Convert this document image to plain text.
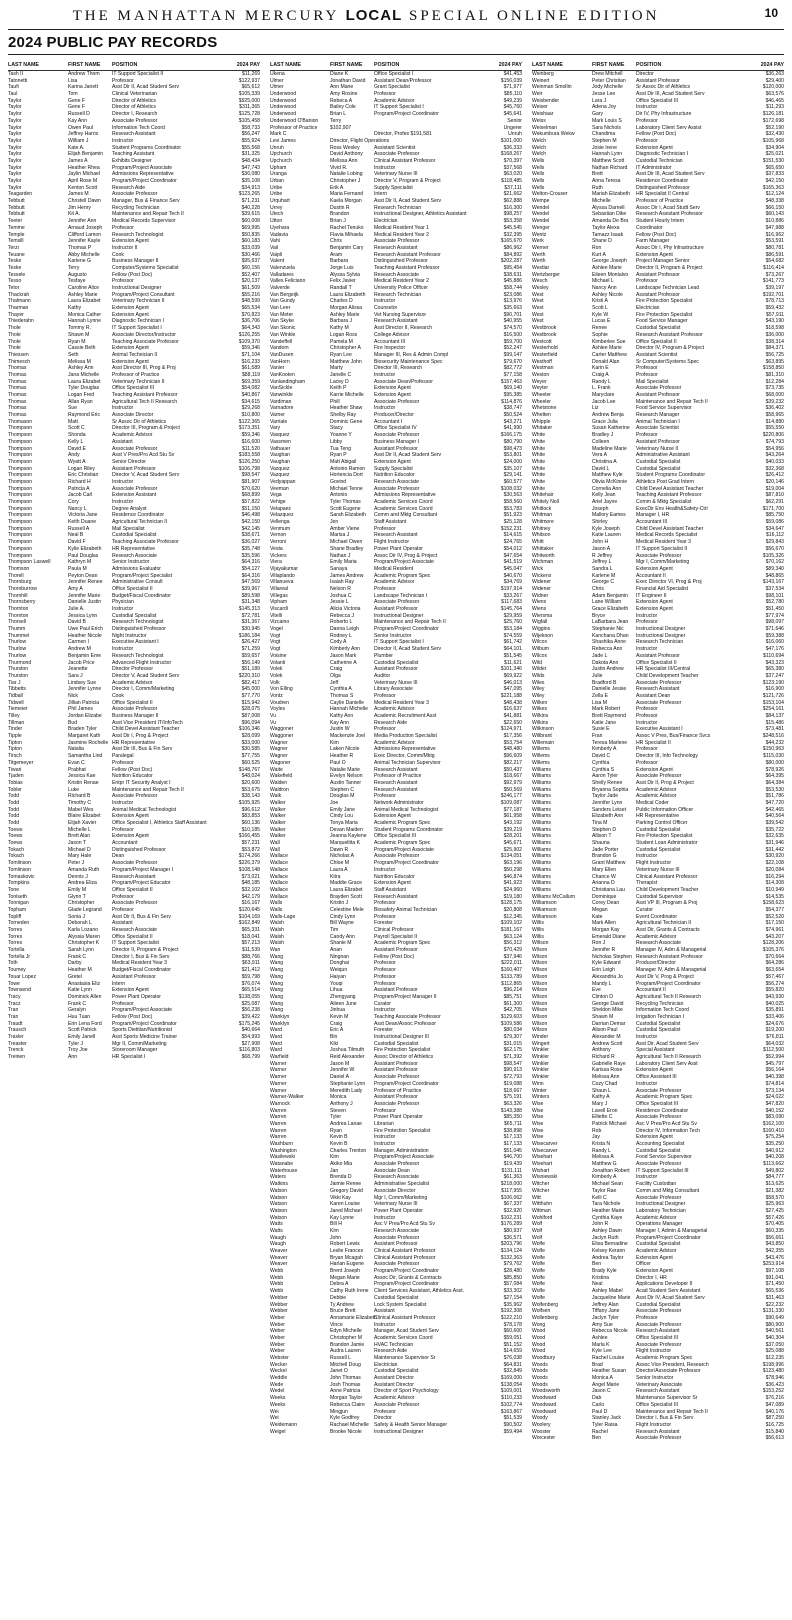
THE MANHATTAN MERCURY LOCAL SPECIAL ONLINE EDITION	10
2024 PUBLIC PAY RECORDS
LAST NAME	FIRST NAME	POSITION	2024 PAY
Tash II	Andrew Thom	IT Support Specialist II	$11,269
Tatonetti	Lisa	Professor	$122,937
Taufi	Karina Janett	Asst Dir II, Acad Student Serv	$65,612
Taul	Tom	Clinical Veterinarian	$105,339
Taylor	Gene F	Director of Athletics	$925,000
Taylor	Gene F	Director of Athletics	$311,365
Taylor	Russell D	Director I, Research	$125,728
Taylor	Kay Ann	Associate Professor	$105,458
Taylor	Owen Paul	Information Tech Coord	$58,733
Taylor	Jeffrey Harris	Research Assistant	$56,247
Taylor	William J	Instructor	$55,924
Taylor	Kate A.	Student Programs Coordinator	$55,568
Taylor	Elijah Benjamin	Teaching Assistant	$31,325
Taylor	James A	Exhibits Designer	$48,434
Taylor	Heather Rhea	Program/Project Associate	$47,743
Taylor	Jaylin Michael	Admissions Representative	$36,080
Taylor	April Rose M	Program/Project Coordinator	$35,108
Taylor	Kenton Scott	Research Aide	$34,913
Teagarden	James M	Associate Professor	$123,265
Tebbutt	Christell Dawn	Manager, Bus & Finance Serv	$71,231
Tebbutt	Jim Henry	Recycling Technician	$40,228
Tebbutt	Kit A.	Maintenance and Repair Tech II	$39,615
Teeter	Jennifer Ann	Medical Records Supervisor	$60,008
Temme	Arnaud Joseph	Professor	$69,995
Temple	Clifford Lamon	Research Technologist	$50,835
Temsill	Jennifer Kayle	Extension Agent	$60,183
Terzi	Thomas P	Instructor II	$33,039
Teuane	Abby Michelle	Cook	$30,466
Teske	Karlene G	Business Manager II	$95,637
Teske	Terry	Computer/Systems Specialist	$60,156
Tessele	Augusto	Fellow (Post Doc)	$52,407
Tesso	Tesfaye	Professor	$20,137
Tetor	Caroline Alice	Instructional Designer	$61,509
Thackrah	Ashley Marie	Program/Project Consultant	$55,216
Thalmann	Laura Elizabet	Veterinary Technician II	$48,599
Tharman	Kathy	Extension Agent	$65,534
Thayer	Monica Cather	Extension Agent	$70,823
Thiederahn	Hannah Lynne	Diagnostic Technician I	$36,706
Thole	Tommy R.	IT Support Specialist I	$64,343
Thole	Shawn M	Associate Director/Instructor	$126,255
Thole	Ryan M	Teaching Associate Professor	$109,370
Thole	Cassie Beth	Extension Agent	$59,346
Thiessen	Seth	Animal Technician II	$71,104
Thimesch	Melissa M	Extension Agent	$16,233
Thomas	Ashley Ann	Asst Director III, Prog & Proj	$61,589
Thomas	Jana Michelle	Professor of Practice	$88,119
Thomas	Laura Elizabet	Veterinary Technician II	$69,359
Thomas	Tyler Douglas	Office Specialist III	$54,082
Thomas	Logan Fred	Teaching Assistant Professor	$40,867
Thomas	Allan Ryan	Agricultural Tech II Research	$34,615
Thomas	Sue	Instructor	$29,268
Thomas	Raymond Eric	Associate Director	$10,800
Thomason	Matt	Sr Assoc Dir of Athletics	$122,365
Thompson	Scott C	Director III, Program & Project	$173,351
Thompson	Shonda	Academic Advisor	$59,346
Thompson	Kelly L	Assistant	$16,600
Thompson	David E	Associate Professor	$11,520
Thompson	Andy	Asst V Pres/Pro Acd Stu Sv	$183,558
Thompson	Wyatt A	Senior Director	$126,250
Thompson	Logan Riley	Assistant Professor	$106,798
Thompson	Eric Christian	Director V, Acad Student Serv	$98,547
Thompson	Richard H	Instructor	$81,907
Thompson	Patricia A	Associate Professor	$70,620
Thompson	Jacob Carl	Extension Assistant	$68,899
Thompson	Cory	Instructor	$57,822
Thompson	Nancy L	Degree Analyst	$51,150
Thompson	Victoria Jane	Residence Coordinator	$46,498
Thompson	Keith Duane	Agricultural Technician II	$42,150
Thompson	Russell A	Mail Specialist	$42,145
Thompson	Neal B	Custodial Specialist	$38,671
Thompson	David F	Teaching Associate Professor	$36,027
Thompson	Kylie Elizabeth	HR Representative	$35,748
Thompson	Paul Douglas	Research Associate	$35,596
Thompson Laswell	Kathryn M	Senior Instructor	$64,316
Thomson	Paula M	Admissions Evaluator	$54,127
Thorell	Peyton Dean	Program/Project Specialist	$64,316
Thornburg	Jennifer Renee	Administrative Consult	$47,569
Thornburrow	Amy A	Office Specialist II	$39,967
Thornhill	Jennifer Marie	Budget/Fiscal Coordinator	$89,598
Thornsberry	Danielle Justin	Physician	$31,348
Thornton	Julie A.	Instructor	$145,313
Thornton	Jessica Lynn	Custodial Specialist	$72,781
Thorsell	David B	Research Technologist	$31,367
Thumm	Uwe Paul Erich	Distinguished Professor	$30,945
Thummel	Heather Nicole	Night Instructor	$186,184
Thurlow	Carmen I	Executive Assistant I	$26,427
Thurlow	Andrew M	Instructor	$71,259
Thurlow	Benjamin Eme	Research Technologist	$59,657
Thurmond	Jacob Price	Advanced Flight Instructor	$56,149
Thurston	Jeanette	Director Professor	$51,189
Thurston	Sara J	Director V, Acad Student Serv	$220,310
Tiar J	Lindsey Sue	Academic Advisor	$82,417
Tibbetts	Jennifer Lynne	Director I, Comm/Marketing	$45,000
Tidball	Nick	Cook	$77,770
Tidwell	Jillian Patricia	Office Specialist II	$15,942
Tiemeier	Phil James	Associate Professor	$28,075
Tilley	Jordan Elizabe	Business Manager II	$87,008
Tillman	Bud	Asst Vice President IT/InfoTech	$96,094
Tinder	Braden Tyler	Child Devel Assistant Teacher	$106,346
Tipple	Margaret Kath	Asst Dir I, Prog & Project	$28,099
Tipton	Jasmine Rochelle HR Representative	$33,000
Tipton	Natalia	Asst Dir III, Bus & Fin Serv	$30,585
Tirsch	Samantha Lind	Paralegal	$77,755
Titgemeyer	Evan C	Professor	$60,525
Tiwari	Prabhat	Fellow (Post Doc)	$148,767
Tjaden	Jessica Kae	Nutrition Educator	$48,024
Tobias	Kristin Renae	Entpr IT Security Analyst I	$20,600
Tobler	Luke	Maintenance and Repair Tech II	$53,675
Todd	Richard B	Associate Professor	$38,143
Todd	Timothy C	Instructor	$105,925
Todd	Mabel Wes	Animal Medical Technologist	$96,612
Todd	Blaire Elizabet	Extension Agent	$83,853
Todd	Elijah Xavier	Office Specialist I, Athletics Staff Assistant	$60,136
Toews	Michelle L	Professor	$10,185
Toews	Brett Alan	Extension Agent	$166,455
Toews	Jason T	Accountant	$57,231
Tokach	Michael D	Distinguished Professor	$53,872
Tokach	Mary Hale	Dean	$174,266
Tomlinson	Peter J	Associate Professor	$226,379
Tomlinson	Amanda Ruth	Program/Project Manager I	$108,148
Tomaskovic	Dennis J	Research Assistant	$73,021
Tompkins	Andrea Eliza	Program/Project Educator	$48,185
Tone	Emily M	Office Specialist II	$32,102
Tonlseth	Glynn T	Professor	$42,179
Tonnigan	Christopher	Associate Professor	$16,167
Topham	Glade Legrand	Professor	$120,645
Topliff	Sonia J	Asst Dir II, Bus & Fin Serv	$104,169
Torneden	Deborah L	Assistant	$162,849
Torres	Karla Lozano	Research Associate	$65,331
Torres	Alyssia Maren	Office Specialist II	$18,041
Torres	Christopher K	IT Support Specialist	$57,213
Tortella	Sarah Lynn	Director II, Program & Project	$11,539
Tortella Jr	Frank C	Director I, Bus & Fin Serv	$88,766
Toth	Darby	Medical Resident Year 3	$63,911
Toumey	Heather M	Budget/Fiscal Coordinator	$21,412
Touar Lopez	Gretel	Assistant Professor	$59,798
Towe	Anastasia Eliz	Intern	$76,074
Townsend	Katie Lynn	Extension Agent	$65,514
Tracy	Dominick Allen	Power Plant Operator	$138,055
Tracz	Frank C	Professor	$25,087
Tran	Geralyn	Program/Project Associate	$56,238
Tran	Huu Tuan	Fellow (Post Doc)	$39,422
Traudt	Erin Lena Ford	Program/Project Coordinator	$175,245
Trausch	Scott Patrick	Sports Dietitian/Nutritionist	$40,664
Traxler	Emily Janell	Asst Sports Medicine Trainer	$54,993
Treaster	Tyler J	Mgr II, Comm/Marketing	$27,908
Trenck	Troy Joe	Storeroom Manager	$116,803
Treinen	Ann	HR Specialist I	$68,799
LAST NAME	FIRST NAME	POSITION	2024 PAY
Ukena	Diane K	Office Specialist I	$41,453
Ulmer	Jonathan David	Assistant Dean/Professor	$156,039
Ulmer	Ann Marie	Grant Specialist	$71,977
Underwood	Amy Rosine	Professor	$85,110
Underwood	Rebeca A	Academic Advisor	$49,239
Underwood	Bailey Cole	IT Support Specialist I	$45,760
Underwood	Brian L	Program/Project Coordinator	$45,641
Underwood O'Banion	Terry	Senior
Professor of Practice	$102,907	Ungerer
Mark C	Director, Profes $191,581	Unruh
Levi James	Director, Flight Operations	$101,000
Unruh	Ross Wesley	Assistant Scientist	$36,333
Upchurch	David Anthony	Associate Professor	$168,267
Upchurch	Melissa Ann	Clinical Assistant Professor	$70,397
Upham	Vivid R.	Instructor	$37,568
Uranga	Natalie Lobing	Veterinary Nurse III	$63,020
Urban	Christopher J	Director V, Program & Project	$118,485
Uribe	Erik A	Supply Specialist	$37,111
Uribe	Maria Fernand	Intern	$21,662
Urquhart	Kaela Morgan	Asst Dir II, Acad Student Serv	$62,888
Urrey	Dustin R	Research Technician	$16,300
Utech	Brandon	Instructional Designer, Athletics Assistant	$98,257
Utton	Brian J	Electrician	$53,358
Uyehara	Rachel Tenuko	Medical Resident Year 1	$45,545
Vadavia	Flavia Mihaela	Medical Resident Year 2	$32,395
Vahl	Chris	Associate Professor	$165,670
Vail	Benjamin Cary	Research Assistant	$86,962
Vaipli	Aram	Research Assistant Professor	$84,892
Valent	Barbara	Distinguished Professor	$202,287
Valenzuela	Jorge Luis	Teaching Assistant Professor	$95,454
Valladares	Alyssa Sylvia	Research Associate	$38,631
Valles Feliciano	Felix Javier	Medical Resident Year 2	$45,886
Valverde	Randall T	University Police Officer	$58,744
Van Bergeijk	Laura Elizabeth	Research Technician	$23,086
Van Gundy	Charles D	Instructor	$13,976
Van Leer	Morgan Alissa	Counselor	$35,663
Van Meter	Ashley Marie	Vet Nursing Supervisor	$90,701
Van Skyke	Barbara J	Research Assistant	$40,955
Van Skonic	Kathy M	Asst Director II, Research	$74,570
Van Winkle	Logan Ross	College Advisor	$16,500
Vandeffell	Pamela M	Accountant III	$59,700
Vandom	Christopher A	Fire Inspector	$52,247
VanDusen	Ryan Lee	Manager III, Res & Admin Compl	$99,147
VanHorn	Matthew John	Biosecurity Maintenance Spec	$79,670
Vanier	Marty	Director III, Research	$82,772
VanKooten	Janelle C	Instructor	$77,158
Vanlandingham	Lacey D	Associate Dean/Professor	$157,463
VanSickle	Keith P	Extension Agent	$69,140
Vanwinkle	Karrie Michelle	Extension Agent	$95,385
Vardiman	Phill	Associate Professor	$114,876
Varnadore	Heather Shaw	Instructor	$38,747
Varner	Shelby Ray	Producer/Director	$50,524
Varriale	Dominic Gene	Accountant I	$43,271
Vary	Stacy	Office Specialist IV	$41,990
Vasquez	Yoanne Y	Associate Professor	$166,175
Vassmen	Libby	Business Manager I	$80,790
Vathauer	Tua Teng	Assistant Professor	$98,473
Vaughan	Ryan P	Asst Dir II, Acad Student Serv	$53,801
Vaughan	Matt Abigail	Extension Agent	$24,000
Vazquez	Antonio Ramon	Supply Specialist	$35,107
Vazquez	Hortencia Dort	Nutrition Educator	$29,141
Vedyappan	Govind	Research Associate	$60,577
Veeman	Michael Tenne	Associate Professor	$108,032
Vega	Antonio	Admissions Representative	$30,563
Vehige	Tyler Thomas	Academic Services Coord	$58,560
Velapaez	Scott Eugene	Academic Services Coord	$53,783
Velazquez	Sarah Elizabeth	Comm and Mktg Consultant	$51,923
Vellenga	Jen	Staff Assistant	$25,128
Venmum	Amber Viene	Professor	$152,231
Vernon	Marisa J	Research Assistant	$14,615
Verroni	Michael Owen	Flight Instructor	$24,765
Vesta	Shane Bradley	Power Plant Operator	$54,012
Vickers	Nathan J	Assoc Dir IV, Prog & Project	$47,654
Viera	Emily Maria	Program/Project Associate	$41,519
Vijayakumar	Sanaya	Medical Resident	$45,047
Villaplando	James Andrew	Academic Program Spec	$40,670
Villanueva	Isaiah Ray	Academic Advisor	$34,769
Villareal	Nelson R	Professor	$197,914
Villegas	Joshua C	Landscape Technician I	$33,267
Vipham	Jessie L	Associate Professor	$117,683
Viscardi	Alicia Victoria	Assistant Professor	$145,764
Vitelli	Rebecca J	Instructional Designer	$29,959
Vizcaino	Roberto L	Maintenance and Repair Tech II	$25,760
Vogel	Danna Leigh	Program/Project Coordinator	$53,184
Vogt	Rodney L	Senior Instructor	$74,559
Vogt	Cody A	IT Support Specialist I	$61,742
Vogt	Kimberly Ann	Director II, Acad Student Serv	$64,101
Voisine	Jason Mark	Plumber	$51,545
Volanti	Catherine A	Custodial Specialist	$11,621
Volek	Craig	Assistant Professor	$101,346
Volek	Olga	Auditor	$69,922
Volk	Jeff	Veterinary Nurse III	$46,013
Von Elling	Cynthia A	Library Associate	$47,095
Vontz	Thomas S	Professor	$221,188
Voudren	Caylie Danielle	Medical Resident Year 3	$48,438
Voyles	Hannah Michelle	Academic Advisor	$16,637
Vu	Kathy Ann	Academic Recruitment Asst	$41,881
Vu	Kay Ann	Research Aide	$22,650
Waggoner	Justin W	Professor	$124,971
Waggoner	Mackenzie Joel	Media Production Specialist	$17,356
Wagner	Kim	Academic Advisor	$53,754
Wagner	Laken Nicole	Admissions Representative	$48,480
Wagner	Heather R	Exec Director, Comm/Mktg	$96,609
Wagoner	Paul O	Animal Technician Supervisor	$82,217
Waite	Natalie Marie	Research Assistant	$50,437
Wakefield	Evelyn Nelson	Professor of Practice	$18,667
Walden	Austin Tanner	Research Assistant	$92,979
Waldron	Stephen C	Research Assistant	$50,569
Walk	Douglas M	Professor	$246,177
Walker	Joe	Network Administrator	$109,087
Walker	Emily Jane	Animal Medical Technologist	$77,187
Walker	Cindy Lou	Extension Agent	$61,958
Walker	Tonya Maria	Academic Program Spec	$43,192
Walker	Devan Maiden	Student Programs Coordinator	$39,219
Walker	Jeanna Kaylene	Office Specialist III	$28,201
Wall	Marquelitta K	Academic Program Spec	$45,671
Wall	Dawn R	Program/Project Associate	$25,902
Wallace	Nicholas A	Associate Professor	$134,051
Wallace	Chloe M	Program/Project Coordinator	$63,196
Wallace	Laura A	Instructor	$50,298
Wallace	Kitra	Nutrition Educator	$46,874
Wallace	Maddie Grace	Extension Agent	$41,923
Wallace	Laura Elizabet	Staff Assistant	$24,960
Wallace	Brayden Scott	Research Assistant	$19,180
Walls	Kristin J	Professor	$128,175
Walls	Celestine Mele	Biosafety Animal Technician	$20,808
Walls-Lage	Cindy Lynn	Professor	$12,345
Walsh	Bill Wayne	Forester	$109,102
Walsh	Tim	Clinical Professor	$181,167
Walsh	Candy Ann	Payroll Specialist II	$63,124
Walsh	Shanie M	Academic Program Spec	$56,312
Wan	Anan	Assistant Professor	$70,429
Wang	Ningnan	Fellow (Post Doc)	$37,946
Wang	Donghai	Professor	$222,011
Wang	Weiqun	Professor	$160,407
Wang	Haiyan	Professor	$133,789
Wang	Youqi	Professor	$112,865
Wang	Lihua	Assistant Professor	$96,214
Wang	Zhengyang	Program/Project Manager II	$85,751
Wang	Aileen June	Curator	$61,300
Wang	Jinhua	Instructor	$42,705
Wankiyn	Kevin M	Teaching Associate Professor	$129,603
Wanklyn	Craig	Asst Dean/Assoc Professor	$109,586
Ward	Eric A	Forester	$80,034
Ward	Bin	Instructional Designer III	$79,307
Ward	Kiki	Custodial Specialist	$31,015
Ward	Joshua Tilmuth	Fire Protection Specialist	$62,175
Warfield	Reid Alexander	Assoc Director of Athletics	$71,392
Warner	Jason M	Assistant Professor	$98,547
Warner	Jennifer W	Assistant Professor	$90,913
Warner	Daniel A	Associate Professor	$72,793
Warner	Stephanie Lynn	Program/Project Coordinator	$19,088
Warner	Meredith Lady	Professor of Practice	$18,667
Warner-Walker	Monica	Assistant Professor	$75,191
Warnock	Anthony J	Associate Professor	$63,326
Warren	Steven	Professor	$143,388
Warren	Tyler	Power Plant Operator	$85,350
Warren	Andrea Lanae	Librarian	$65,711
Warren	Ryan	Fire Protection Specialist	$38,898
Warren	Kevin B	Instructor	$17,133
Washburn	Kevin B	Instructor	$17,133
Washington	Charles Trenton	Manager, Administration	$51,045
Wasilewski	Kim	Program/Project Associate	$46,700
Watanabe	Akiko Mia	Associate Professor	$19,439
Waterhouse	Jan	Associate Dean	$131,111
Waters	Brenda D	Research Associate	$61,363
Watkins	Jaimie Renee	Administrative Specialist	$218,000
Watson	Gregory David	Associate Director	$117,955
Watson	Vikki Kay	Mgr I, Comm/Marketing	$106,062
Watson	Karen Louise	Veterinary Nurse III	$67,337
Watson	Jared Michael	Power Plant Operator	$32,920
Watson	Kay Lynne	Instructor	$102,231
Watts	Bill H	Asc V Pres/Pro Acd Stu Sv	$176,289
Watts	Kim	Research Associate	$80,937
Waugh	John	Associate Professor	$36,571
Waugh	Robert Lewis	Assistant Professor	$203,796
Weaver	Leslie Frances	Clinical Assistant Professor	$134,124
Weaver	Bryan Mcagah	Clinical Assistant Professor	$132,363
Weaver	Harlan Eugene	Associate Professor	$79,762
Webb	Brent Joseph	Program/Project Coordinator	$28,480
Webb	Megan Marie	Assoc Dir, Grants & Contracts	$85,850
Webb	Debra A	Program/Project Coordinator	$57,084
Webb	Cathy Ruth Irene	Client Services Assistant, Athletics Asst.	$33,302
Webber	Debbie	Custodial Specialist	$27,154
Webber	Ty Andrew	Lock System Specialist	$35,962
Webber	Bruce Brett	Assistant	$192,308
Weber	Annamarie Elizabeth
Clinical Assistant Professor	$122,210
Weber	Vince	Instructor	$78,178
Weber	Edyn Michelle	Manager, Acad Student Serv	$60,600
Weber	Christopher M	Academic Services Coord	$59,051
Weber	Brandon Jamie	HVAC Technician	$51,152
Weber	Audra Lauren	Research Aide	$14,659
Webster	Russell L	Maintenance Supervisor Sr	$76,038
Wecker	Mitchell Doug	Electrician	$64,831
Weckel	Janet O	Custodial Specialist	$32,849
Weddle	John Thomas	Assistant Director	$169,000
Wede	Josh Thomas	Assistant Director	$138,054
Wedel	Anne Patricia	Director of Sport Psychology	$109,001
Weeks	Morgan Taylor	Academic Advisor	$110,233
Weeks	Rebecca Claire	Associate Professor	$102,774
Wei	Mingjun	Professor	$163,867
Wei	Kyle Godfrey	Director	$51,539
Weidemann	Rachael Michelle	Safety & Health Senior Manager	$90,502
Weigel	Brooke Nicole	Instructional Designer	$59,494
LAST NAME	FIRST NAME	POSITION	2024 PAY
Weinberg	Drew Mitchell	Director	$36,263
Weinert	Peter Christian	Assistant Professor	$29,400
Weinman Smollin	Jody Michelle	Sr Assoc Dir of Athletics	$120,000
Weir	Jesse Lee	Asst Dir III, Acad Student Serv	$63,576
Weisbender	Lara J	Office Specialist III	$46,465
Weiser	Adena Joy	Instructor	$11,293
Weishaar	Gary	Dir IV, Phy Infrastructure	$126,181
Weiss	Mark Louis S	Professor	$172,698
Weixelman	Sara Nichols	Laboratory Client Serv Assist	$52,190
Wekumbura Wekw	Chandima	Fellow (Post Doc)	$32,430
Welch	Stephen M	Professor	$105,968
Welch	Josie Irene	Extension Agent	$34,904
Welch	Hannah Lynn	Diagnostic Technician I	$25,021
Wells	Matthew Scott	Custodial Technician	$151,530
Wells	Nathan Richard	IT Administrator	$65,650
Wells	Brett	Asst Dir III, Acad Student Serv	$37,833
Wells	Anna Teresa	Residence Coordinator	$42,150
Wells	Ruth	Distinguished Professor	$165,363
Welton-Crouser	Mariah Elizabeth	HR Specialist II Central	$12,124
Wempe	Michelle	Professor of Practice	$48,338
Wendel	Alyssa Darnell	Assoc Dir I, Acad Studt Serv	$66,150
Wendel	Sebastian Dike	Research Assistant Professor	$60,143
Wendel	Amanda De Bra	Student Hourly Intern	$10,886
Wenger	Taylor Alexa	Coordinator	$47,988
Wentz	Tamazz Isaak	Fellow (Post Doc)	$16,962
Werk	Shane D	Farm Manager	$53,591
Werner	Ron	Assoc Dir I, Phy Infrastructure	$80,781
Werth	Kurt A	Extension Agent	$86,591
Werth	George Joseph	Project Manager Senior	$54,682
Westlar	Ashlee Marie	Director II, Program & Project	$116,414
Wertzberger	Eileen Montalvo	Assistant Professor	$73,267
Wesch	Michael L	Professor	$141,773
Wesley	Nancy Ann	Landscape Technician Lead	$39,197
West	Ashley Nicole	Assistant Professor	$192,701
West	Kristi A	Fire Protection Specialist	$78,713
West	Scott L	Electrician	$59,432
West	Kyle W	Fire Protection Specialist	$57,911
West	Lucas E	Food Service Manager	$43,190
Westbrook	Renee	Custodial Specialist	$18,598
Westbrook	Sophie	Research Assistant Professor	$36,000
Westcott	Kimberlee Sue	Office Specialist II	$38,314
Westerhold	Ashlee Marie	Director IV, Program & Project	$84,371
Westerfield	Carter Matthew	Assistant Scientist	$56,725
Westhoff	Donald Alan	Sr Computer/Systems Spec	$63,895
Westman	Karin E	Professor	$158,850
Weston	Craig A	Professor	$81,310
Weyer	Randy L	Mail Specialist	$12,284
Weyter	L. Frank	Associate Professor	$73,735
Wheeler	Maryclare	Assistant Professor	$68,000
Wheeler	Jacob Lee	Maintenance and Repair Tech II	$39,232
Whetstone	Liz	Food Service Supervisor	$36,402
Whetten	Andrew Benja	Research Manager	$58,965
Whipple	Grace Julia	Animal Technician I	$14,880
Whitaker	Susan Katherine	Associate Scientist	$55,550
White	Bradley J	Professor	$220,806
White	Colleen	Assistant Professor	$74,793
White	Madeline Marie	Veterinary Nurse II	$54,956
White	Vera A	Administrative Assistant	$43,264
White	Christina A	Custodial Specialist	$40,033
White	David L	Custodial Specialist	$32,368
White	Matthew Kyle	Student Programs Coordinator	$26,412
White	Olivia McKinnie	Athletics Post Grad Intern	$20,146
White	Cornelia Ann	Child Devel Assistant Teacher	$19,004
Whitehair	Kelly Jean	Teaching Assistant Professor	$87,810
Whitely Noll	Ariel Jayne	Comm & Mktg Specialist	$62,291
Whitlock	Joseph	ExecDir Env Health&Safety-Ctrl	$171,700
Whitman	Mallory Eames	Manager I, HR	$85,750
Whitmore	Shirley	Accountant III	$59,086
Whitney	Kyle Joseph	Child Devel Assistant Teacher	$34,647
Whitson	Katie Lauren	Medical Records Specialist	$16,112
Whitt	John H	Medical Resident Year 3	$29,843
Whittaker	Jason A	IT Support Specialist II	$56,670
Whitworth	R Jeffrey	Associate Professor	$105,326
Wichman	Jeffrey L	Mgr I, Comm/Marketing	$70,162
Wick	Sandra L	Extension Agent	$89,340
Wickens	Karlene M	Accountant II	$48,865
Widener	George C	Exec Director VI, Prog & Proj	$143,167
Widener	Chris	Financial Aid Specialist	$37,534
Widner	Adam Benjamin	IT Engineer II	$98,101
Wiens	Lane William	Extension Agent	$52,780
Wiens	Grace Elizabeth	Extension Agent	$51,450
Wiersma	Bryce	Instructor	$77,974
Wigfall	LaBarbara Jean	Professor	$98,097
Wiggins	Stephanie Nic	Instructional Designer	$71,646
Wijekoon	Kanchana Dhan	Instructional Designer	$59,388
Wilcox	Shashika Anne	Research Technician	$16,060
Wilbum	Rebecca Ann	Instructor	$47,176
Wilcox	Jade L	Assistant Professor	$110,694
Wild	Dakota Ann	Office Specialist II	$43,323
Wilder	Justin Andrew	HR Specialist III/Central	$65,380
Wilds	Julie	Child Development Teacher	$37,247
Wiles	Bradford B	Associate Professor	$123,190
Wiley	Danielle Jessie	Research Assistant	$16,900
Wiley	Zella E	Assistant Dean	$121,726
Wilken	Lisa M	Associate Professor	$153,104
Wilkes	Mark Robert	Professor	$254,161
Wilkins	Brett Raymond	Professor	$84,137
Wilkins	Katie Jane	Instructor	$15,486
Wilkinson	Susie E	Executive Assistant I	$73,481
Willbrant	Fran	Assoc V Pres, Bus/Finance Svcs	$248,516
Willemain	Teresa Marlene	HR Specialist II	$44,232
Willems	Kimberly A	Professor	$150,963
Willems	David C	Director III, Info Technology	$115,030
Willems	Cynthia	Professor	$80,000
Williams	Cynthia S	Extension Agent	$78,926
Williams	Aaron Tyler	Associate Professor	$64,395
Williams	Shelly Renee	Asst Dir II, Prog & Project	$64,384
Williams	Bryanna Sophia	Academic Advisor	$53,530
Williams	Taylor Jade	Academic Advisor	$51,786
Williams	Jennifer Lynn	Medical Coder	$47,720
Williams	Sanders Leiset	Public Information Officer	$42,465
Williams	Elizabeth Ann	HR Representative	$40,564
Williams	Tina M	Parking Control Officer	$39,542
Williams	Stephen D	Custodial Specialist	$35,722
Williams	Allison T	Fire Protection Specialist	$32,635
Williams	Shauna	Student Loan Administrator	$31,946
Williams	Jade Porter	Custodial Specialist	$31,442
Williams	Brandon G	Instructor	$30,920
Williams	Grant Matthew	Flight Instructor	$22,108
Williams	Mary Ellen	Veterinary Nurse III	$20,084
Williams	Chance W	Clinical Assistant Professor	$16,294
Williams	Arianna D	Therapist	$14,308
Williams	Christiana Lau	Child Development Teacher	$10,949
Williams McCallum	Dominique	Custodial Supervisor	$14,535
Williamson	Corey Dean	Asst VP III, Program & Proj	$158,623
Williamson	Megan	Curator	$54,377
Williamson	Kate	Event Coordinator	$52,520
Willis	Mark Allen	Agricultural Technician II	$17,150
Willis	Morgan Kay	Asst Dir, Grants & Contracts	$74,961
Willis	Emerald Diane	Academic Advisor	$43,207
Willson	Ron J	Research Associate	$128,206
Wilson	Jennifer R	Manager IV, Adm & Managerial	$105,376
Wilson	Nicholas Stephen Research Assistant Professor	$70,664
Wilson	Kyle Edward	Producer/Director	$64,286
Wilson	Erin Leigh	Manager IV, Adm & Managerial	$63,654
Wilson	Alexandria Jo	Asst Dir V, Prog & Project	$57,467
Wilson	Mandy L	Program/Project Coordinator	$56,274
Wilson	Eve	Accountant II	$55,820
Wilson	Clinton D	Agricultural Tech II Research	$43,930
Wilson	George David	Recycling Technician	$40,025
Wilson	Sheldon Mike	Information Tech Coord	$35,891
Wilson	Shawn M	Irrigation Technician I	$33,406
Wilson	Darrian Demar	Custodial Specialist	$24,676
Wilson	Alison Paul	Custodial Specialist	$19,200
Winder	Alexander M	Instructor	$76,811
Wingert	Andrew Scott	Asst Dir, Acad Student Serv	$64,032
Winkler	Anthony	Special Assistant	$112,500
Winkler	Richard R	Agricultural Tech II Research	$52,994
Winkler	Gabrielle Raye	Laboratory Client Serv Asst	$45,797
Winkler	Karissa Rose	Extension Agent	$56,164
Winkler	Melissa Ann	Office Assistant III	$40,398
Winn	Cozy Chad	Instructor	$74,814
Winter	Shaun L	Associate Professor	$73,134
Winters	Kathy A	Academic Program Spec	$24,022
Wise	Mary J	Office Specialist III	$47,820
Wise	Lavell Eron	Residence Coordinator	$40,152
Wise	Elliette C	Associate Professor	$83,090
Wise	Patrick Michael	Asc V Pres/Pro Acd Stu Sv	$162,100
Wise	Rob	Director IV, Information Tech	$160,410
Wise	Jay	Extension Agent	$75,254
Wisecarver	Krista N	Accounting Specialist	$35,250
Wisecarver	Randy L	Custodial Specialist	$40,912
Wisehart	Melissa A	Food Service Supervisor	$40,208
Wisehart	Matthew G	Associate Professor	$113,662
Wishart	Jonathan Robert	IT Support Specialist III	$49,802
Wisniewski	Kimberly A	Instructor	$84,777
Witcher	Michael Sean	Facility Custodian	$13,625
Witcher	Taylor Rae	Comm and Mktg Consultant	$21,382
Witt	Kelli C	Associate Professor	$58,570
Witthuhn	Tara Nichole	Instructional Designer	$25,963
Wittman	Heather Marie	Laboratory Technician	$27,425
Wohlford	Cynthia Kaye	Academic Advisor	$57,426
Wolf	John R	Operations Manager	$70,405
Wolf	Ashley Dawn	Manager I, Admin & Managerial	$60,335
Wolf	Jaclyn Ruth	Program/Project Coordinator	$56,661
Wolfe	Elisa Bernadine	Custodial Specialist	$43,850
Wolfe	Kelsey Kerann	Academic Advisor	$42,355
Wolfe	Andrea Taylor	Extension Agent	$43,476
Wolfe	Ben	Officer	$253,914
Wolfe	Brady Kyle	Extension Agent	$97,108
Wolfe	Kristina	Director I, HR	$91,041
Wolfe	Neal	Applications Developer II	$71,450
Wolfe	Ashley Mabel	Acad Student Serv Assistant	$65,536
Wolfe	Jacqueline Marie	Asst Dir IV, Acad Student Serv	$31,463
Wolfenberg	Jeffrey Alan	Custodial Specialist	$22,232
Wolfsen	Tiffany Jane	Associate Professor	$131,330
Wollenberg	Jaclyn Tyler	Professor	$90,649
Wong	Amy Sue	Associate Professor	$80,900
Wood	Rebecca Nicole	Research Assistant	$40,561
Wood	Ashlee	Office Specialist III	$40,304
Wood	Marla K	Associate Professor	$37,050
Wood	Kyle Lee	Flight Instructor	$25,088
Woodbury	Rachel Louise	Academic Program Spec	$12,235
Woods	Brad	Assoc Vice President, Research	$198,996
Woods	Heather Susan	Director/Associate Professor	$123,480
Woods	Monica A	Senior Instructor	$78,946
Woods	Angel Marie	Veterinary Associate	$36,423
Woodsworth	Jason C	Research Assistant	$153,252
Woodward	Dab	Maintenance Supervisor Sr	$76,216
Woodward	Carlo	Office Specialist III	$47,089
Woodward	Paul D	Maintenance and Repair Tech II	$40,176
Woody	Stanley Jack	Director I, Bus & Fin Serv	$87,250
Woolery	Tyler Raisa	Flight Instructor	$16,725
Wooster	Rachel	Research Assistant	$15,840
Worcester	Ben	Associate Professor	$56,613
